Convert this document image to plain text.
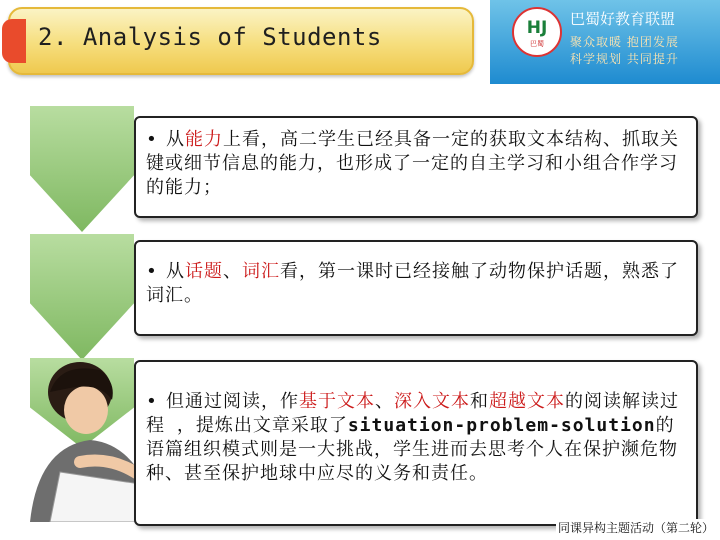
2. Analysis of Students	HJ
巴蜀
巴蜀好教育联盟
聚众取暖 抱团发展
科学规划 共同提升
• 从能力上看，高二学生已经具备一定的获取文本结构、抓取关键或细节信息的能力，也形成了一定的自主学习和小组合作学习的能力；
• 从话题、词汇看，第一课时已经接触了动物保护话题，熟悉了词汇。
• 但通过阅读，作基于文本、深入文本和超越文本的阅读解读过程 ，提炼出文章采取了situation-problem-solution的语篇组织模式则是一大挑战，学生进而去思考个人在保护濒危物种、甚至保护地球中应尽的义务和责任。
同课异构主题活动（第二轮）
